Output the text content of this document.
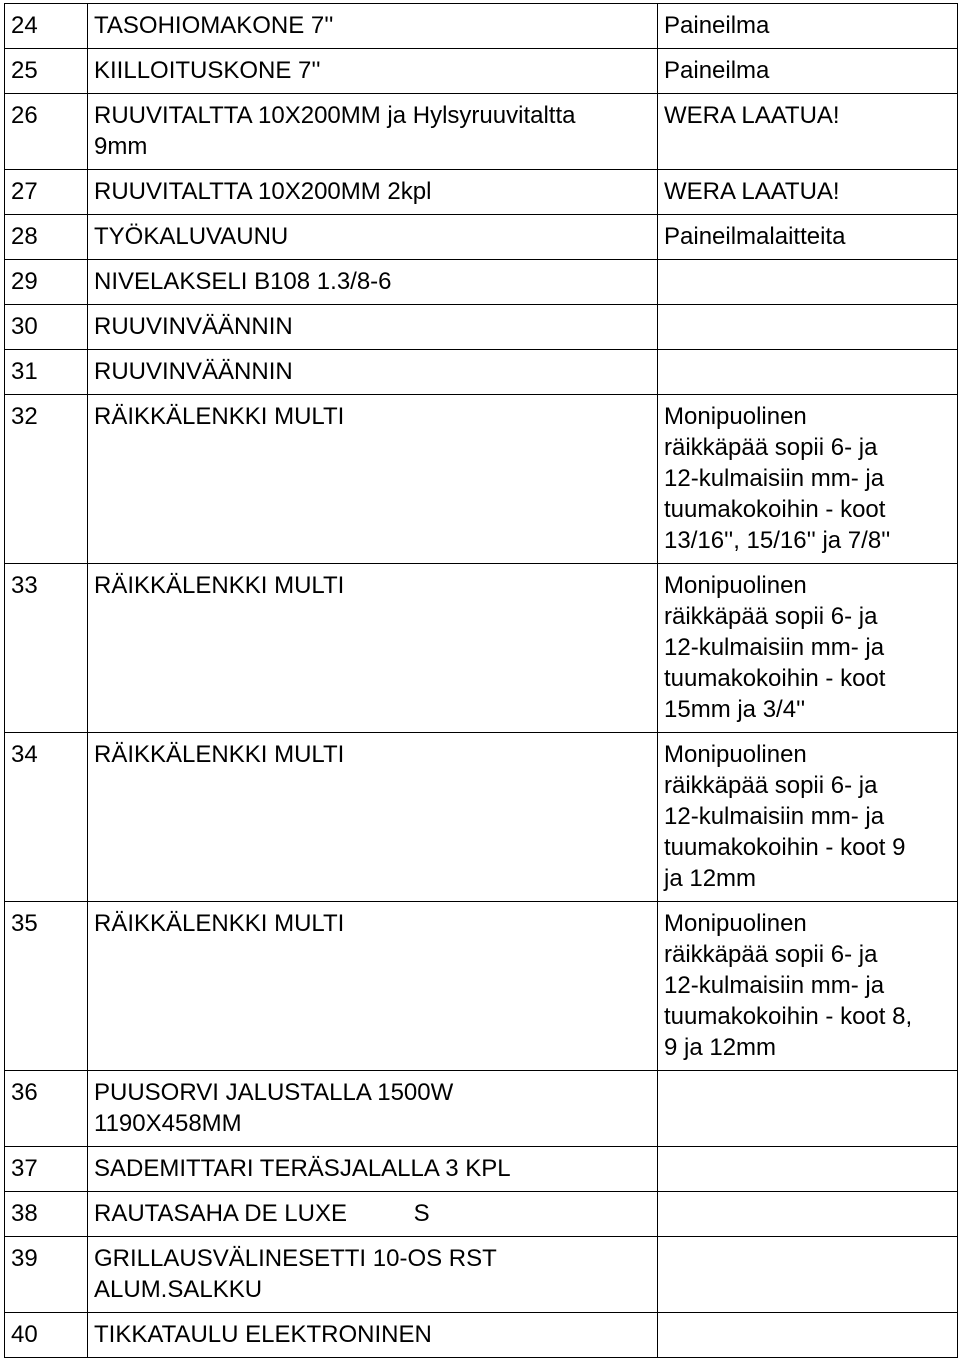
24	TASOHIOMAKONE 7''	Paineilma
25	KIILLOITUSKONE 7''	Paineilma
26	RUUVITALTTA 10X200MM ja Hylsyruuvitaltta
9mm	WERA LAATUA!
27	RUUVITALTTA 10X200MM 2kpl	WERA LAATUA!
28	TYÖKALUVAUNU	Paineilmalaitteita
29	NIVELAKSELI B108 1.3/8-6	
30	RUUVINVÄÄNNIN	
31	RUUVINVÄÄNNIN	
32	RÄIKKÄLENKKI MULTI	Monipuolinen
räikkäpää sopii 6- ja
12-kulmaisiin mm- ja
tuumakokoihin - koot
13/16'', 15/16'' ja 7/8''
33	RÄIKKÄLENKKI MULTI	Monipuolinen
räikkäpää sopii 6- ja
12-kulmaisiin mm- ja
tuumakokoihin - koot
15mm ja 3/4''
34	RÄIKKÄLENKKI MULTI	Monipuolinen
räikkäpää sopii 6- ja
12-kulmaisiin mm- ja
tuumakokoihin - koot 9
ja 12mm
35	RÄIKKÄLENKKI MULTI	Monipuolinen
räikkäpää sopii 6- ja
12-kulmaisiin mm- ja
tuumakokoihin - koot 8,
9 ja 12mm
36	PUUSORVI JALUSTALLA 1500W
1190X458MM	
37	SADEMITTARI TERÄSJALALLA 3 KPL	
38	RAUTASAHA DE LUXE          S	
39	GRILLAUSVÄLINESETTI 10-OS RST
ALUM.SALKKU	
40	TIKKATAULU ELEKTRONINEN	
